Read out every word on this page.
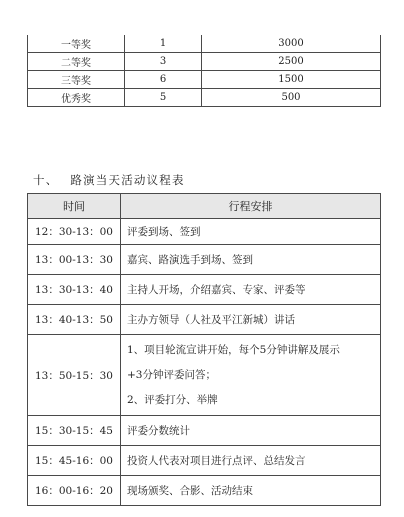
一等奖	1	3000
二等奖	3	2500
三等奖	6	1500
优秀奖	5	500
十、 路演当天活动议程表
时间	行程安排
12：30-13：00	评委到场、签到
13：00-13：30	嘉宾、路演选手到场、签到
13：30-13：40	主持人开场，介绍嘉宾、专家、评委等
13：40-13：50	主办方领导（人社及平江新城）讲话
13：50-15：30	1、项目轮流宣讲开始，每个5分钟讲解及展示
+3分钟评委问答；
2、评委打分、举牌

15：30-15：45	评委分数统计
15：45-16：00	投资人代表对项目进行点评、总结发言
16：00-16：20	现场颁奖、合影、活动结束
